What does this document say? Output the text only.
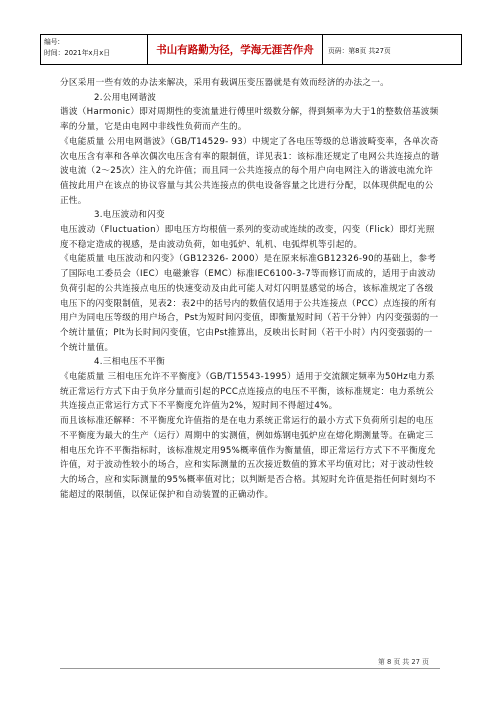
编号:
时间：2021年x月x日	书山有路勤为径，学海无涯苦作舟	页码：第8页 共27页

分区采用一些有效的办法来解决，采用有载调压变压器就是有效而经济的办法之一。

2.公用电网谐波

谐波（Harmonic）即对周期性的变流量进行傅里叶级数分解，得到频率为大于1的整数倍基波频率的分量，它是由电网中非线性负荷而产生的。

《电能质量 公用电网谐波》（GB/T14529- 93）中规定了各电压等级的总谐波畸变率，各单次奇次电压含有率和各单次偶次电压含有率的限制值，详见表1：该标准还规定了电网公共连接点的谐波电流（2～25次）注入的允许值；而且同一公共连接点的每个用户向电网注入的谐波电流允许值按此用户在该点的协议容量与其公共连接点的供电设备容量之比进行分配，以体现供配电的公正性。

3.电压波动和闪变

电压波动（Fluctuation）即电压方均根值一系列的变动或连续的改变，闪变（Flick）即灯光照度不稳定造成的视感，是由波动负荷，如电弧炉、轧机、电弧焊机等引起的。

《电能质量 电压波动和闪变》（GB12326- 2000）是在原来标准GB12326-90的基础上，参考了国际电工委员会（IEC）电磁兼容（EMC）标准IEC6100-3-7等而修订而成的，适用于由波动负荷引起的公共连接点电压的快速变动及由此可能人对灯闪明显感觉的场合，该标准规定了各级电压下的闪变限制值，见表2：表2中的括号内的数值仅适用于公共连接点（PCC）点连接的所有用户为同电压等级的用户场合，Pst为短时间闪变值，即衡量短时间（若干分钟）内闪变强弱的一个统计量值；Plt为长时间闪变值，它由Pst推算出，反映出长时间（若干小时）内闪变强弱的一个统计量值。

4.三相电压不平衡

《电能质量 三相电压允许不平衡度》（GB/T15543-1995）适用于交流额定频率为50Hz电力系统正常运行方式下由于负序分量而引起的PCC点连接点的电压不平衡，该标准规定：电力系统公共连接点正常运行方式下不平衡度允许值为2%，短时间不得超过4%。

而且该标准还解释：不平衡度允许值指的是在电力系统正常运行的最小方式下负荷所引起的电压不平衡度为最大的生产（运行）周期中的实测值，例如炼钢电弧炉应在熔化期测量等。在确定三相电压允许不平衡指标时，该标准规定用95%概率值作为衡量值，即正常运行方式下不平衡度允许值，对于波动性较小的场合，应和实际测量的五次接近数值的算术平均值对比；对于波动性较大的场合，应和实际测量的95%概率值对比；以判断是否合格。其短时允许值是指任何时刻均不能超过的限制值，以保证保护和自动装置的正确动作。

第 8 页 共 27 页
